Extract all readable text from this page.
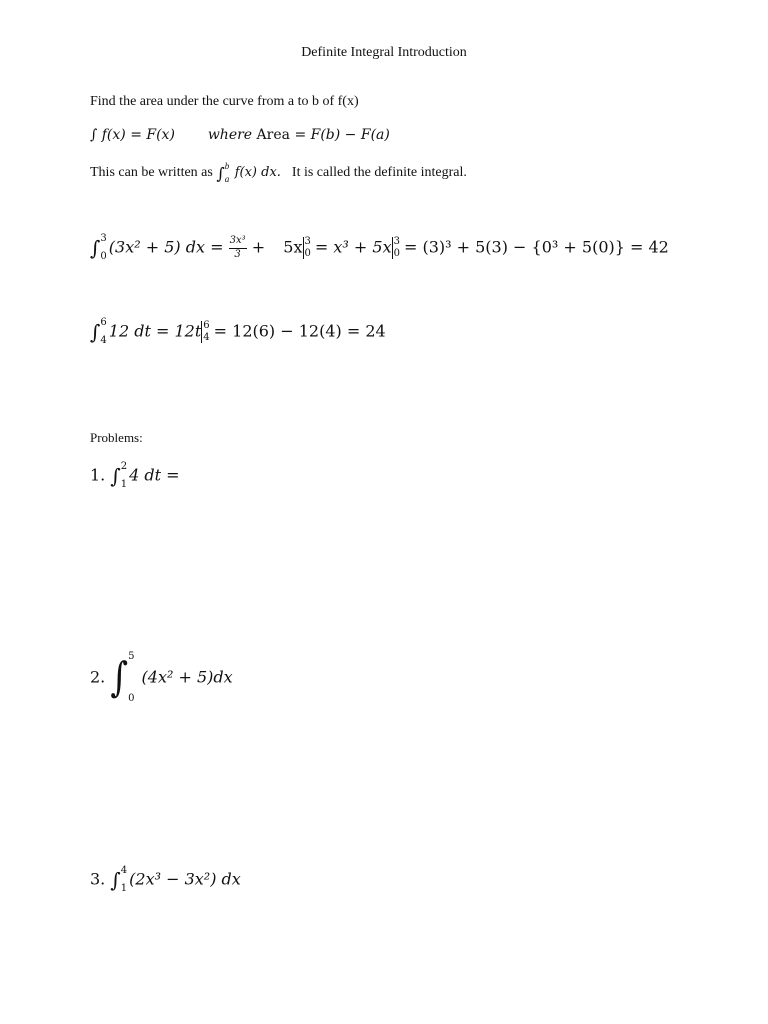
Definite Integral Introduction
Find the area under the curve from a to b of f(x)
∫ f(x) = F(x) where Area = F(b) − F(a)
This can be written as ∫ b
a f(x) dx. It is called the definite integral.
∫ 3
0 (3x² + 5) dx = $\frac{\text{3x³}}{3} + 5x$ 3
0 = x³ + 5x 3
0 = (3)³ + 5(3) − {0³ + 5(0)} = 42
∫ 6
4 12 dt = 12t 6
4 = 12(6) − 12(4) = 24
Problems:
1. ∫ 2
1 4 dt =
2. ∫ 5
0
(4x² + 5)dx
3. ∫ 4
1 (2x³ − 3x²) dx
